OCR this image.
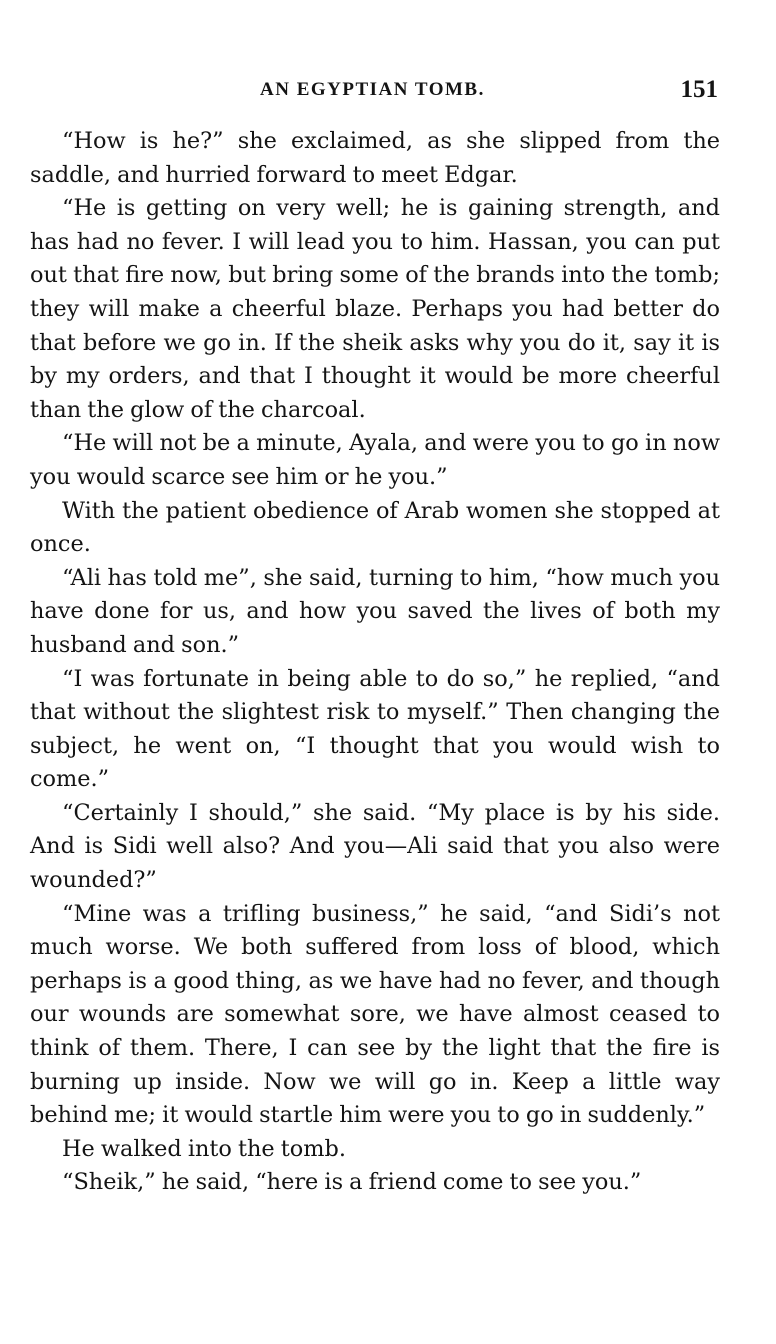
AN EGYPTIAN TOMB.	151

“How is he?” she exclaimed, as she slipped from the saddle, and hurried forward to meet Edgar.

“He is getting on very well; he is gaining strength, and has had no fever. I will lead you to him. Hassan, you can put out that fire now, but bring some of the brands into the tomb; they will make a cheerful blaze. Perhaps you had better do that before we go in. If the sheik asks why you do it, say it is by my orders, and that I thought it would be more cheerful than the glow of the charcoal.

“He will not be a minute, Ayala, and were you to go in now you would scarce see him or he you.”

With the patient obedience of Arab women she stopped at once.

“Ali has told me”, she said, turning to him, “how much you have done for us, and how you saved the lives of both my husband and son.”

“I was fortunate in being able to do so,” he replied, “and that without the slightest risk to myself.” Then changing the subject, he went on, “I thought that you would wish to come.”

“Certainly I should,” she said. “My place is by his side. And is Sidi well also? And you—Ali said that you also were wounded?”

“Mine was a trifling business,” he said, “and Sidi’s not much worse. We both suffered from loss of blood, which perhaps is a good thing, as we have had no fever, and though our wounds are somewhat sore, we have almost ceased to think of them. There, I can see by the light that the fire is burning up inside. Now we will go in. Keep a little way behind me; it would startle him were you to go in suddenly.”

He walked into the tomb.

“Sheik,” he said, “here is a friend come to see you.”
